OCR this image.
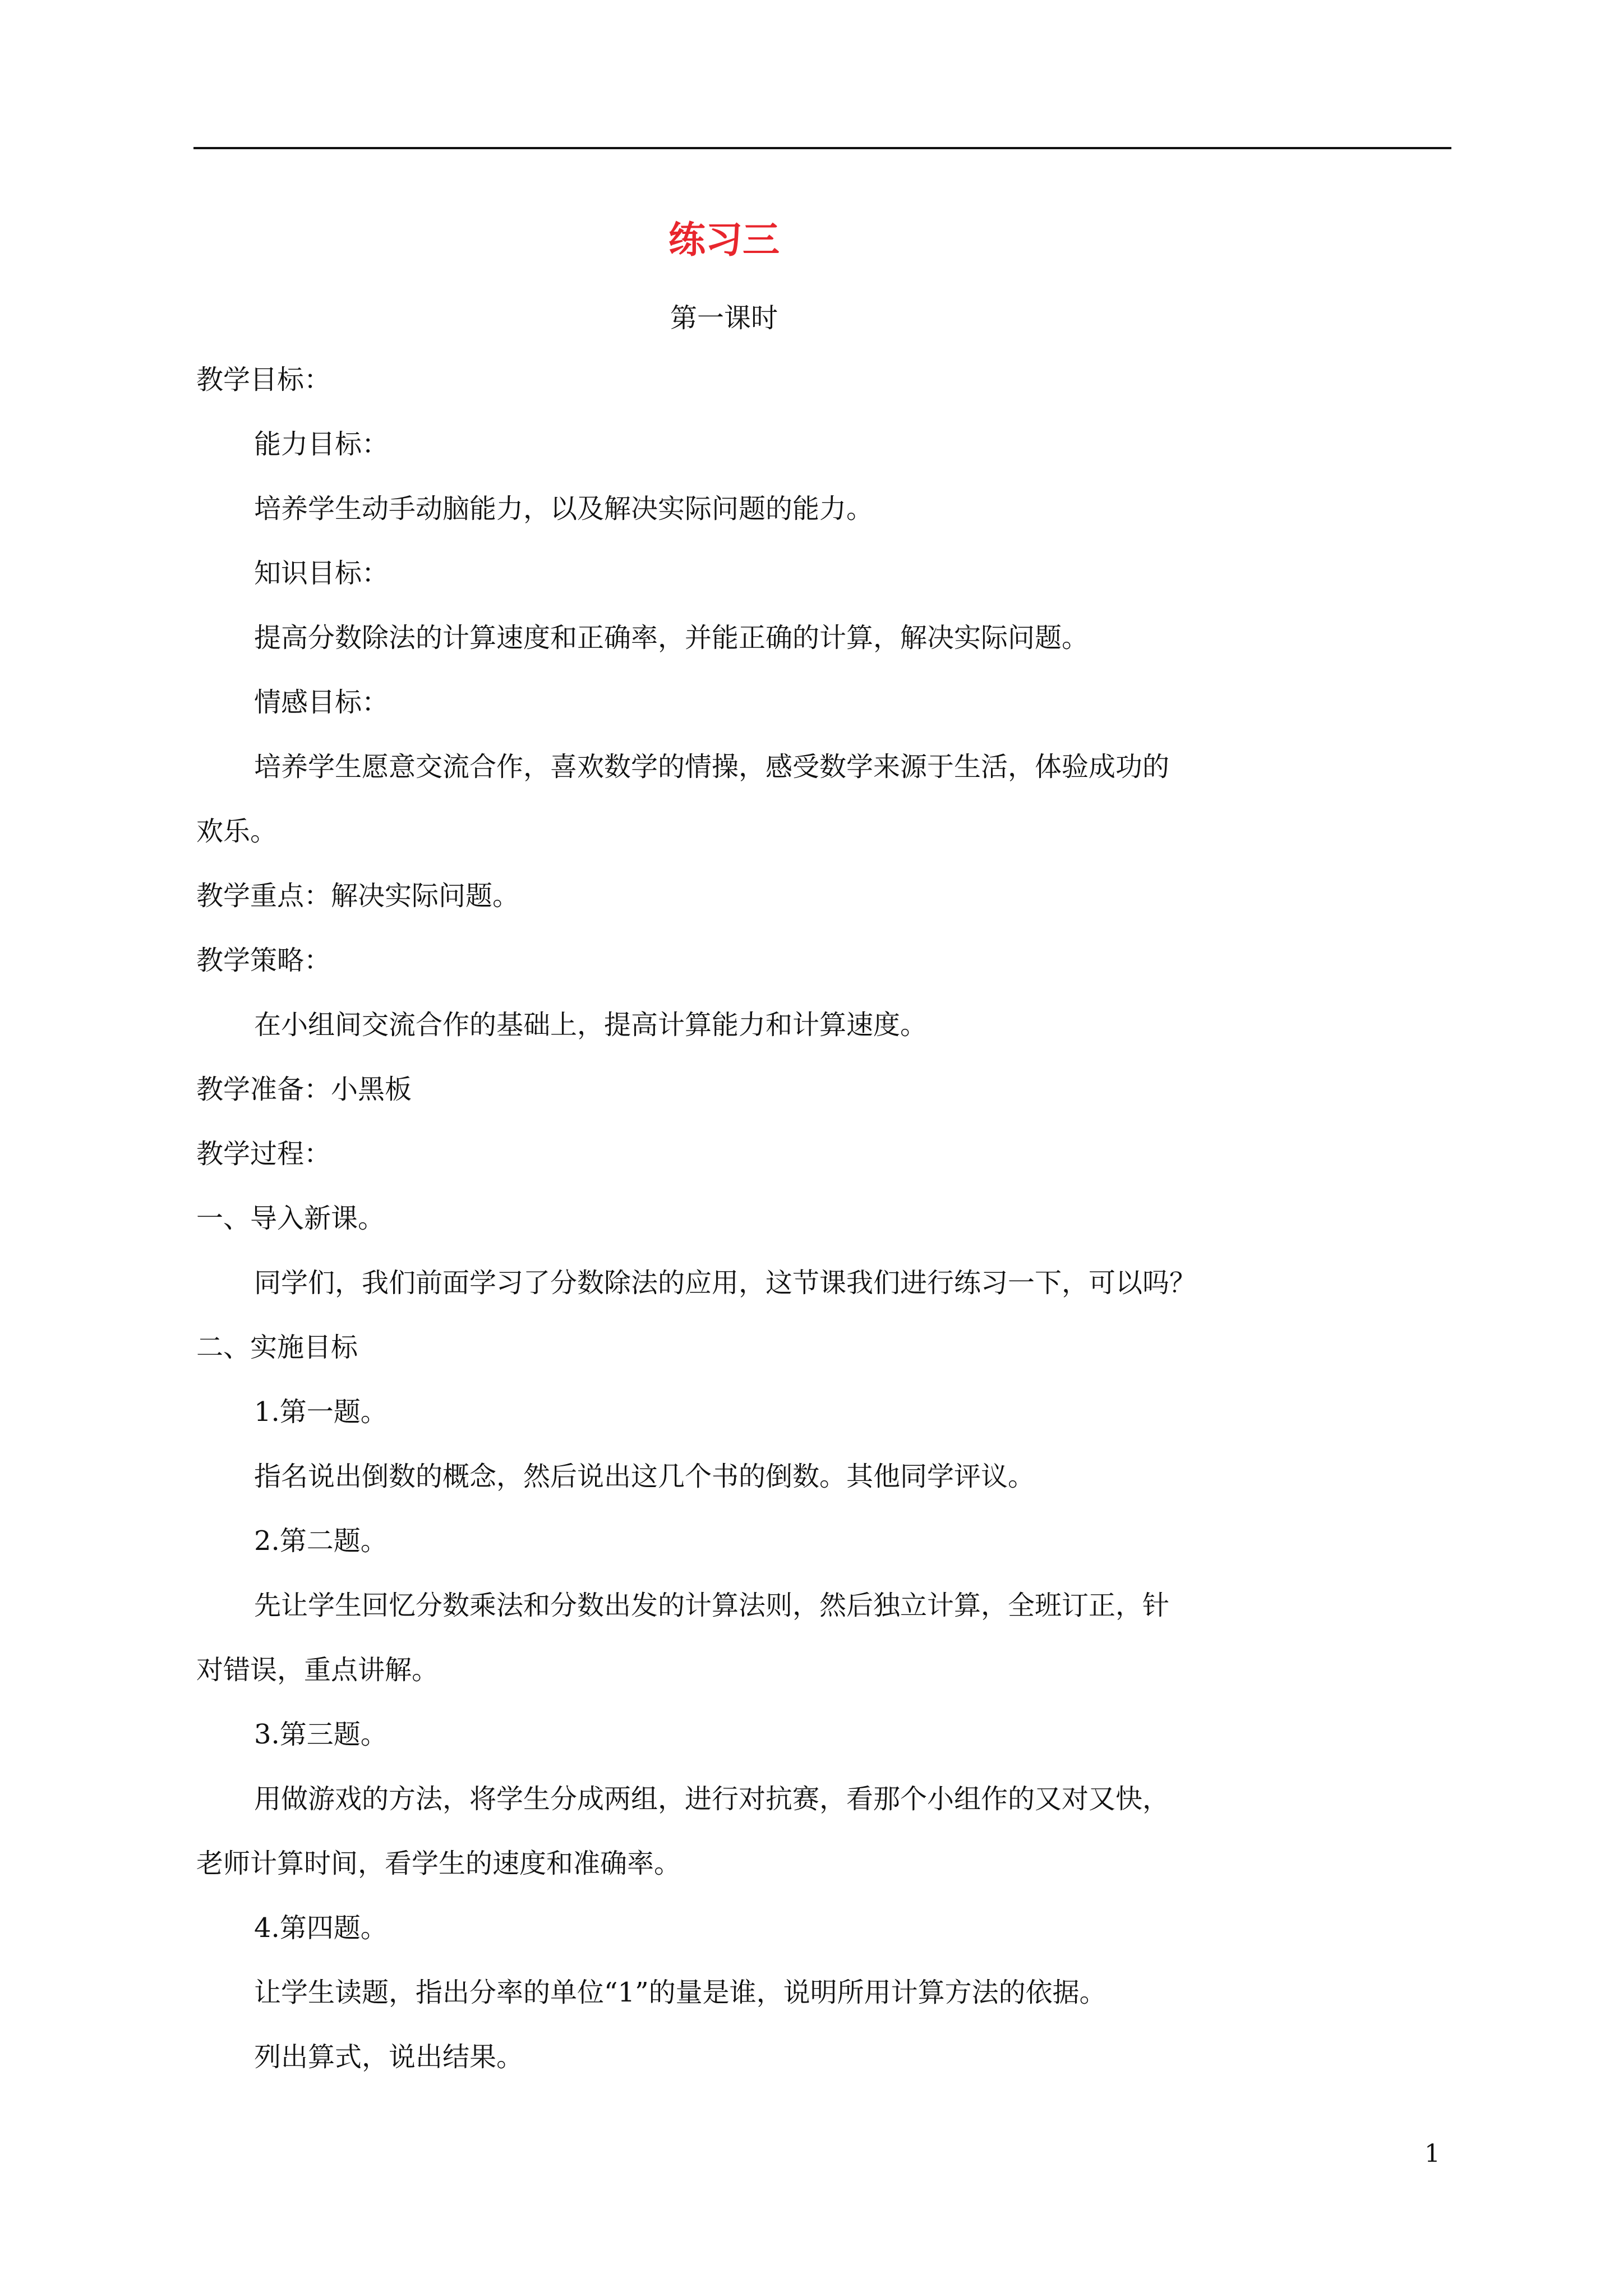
练习三
第一课时
教学目标：
能力目标：
培养学生动手动脑能力，以及解决实际问题的能力。
知识目标：
提高分数除法的计算速度和正确率，并能正确的计算，解决实际问题。
情感目标：
培养学生愿意交流合作，喜欢数学的情操，感受数学来源于生活，体验成功的
欢乐。
教学重点：解决实际问题。
教学策略：
在小组间交流合作的基础上，提高计算能力和计算速度。
教学准备：小黑板
教学过程：
一、导入新课。
同学们，我们前面学习了分数除法的应用，这节课我们进行练习一下，可以吗？
二、实施目标
1.第一题。
指名说出倒数的概念，然后说出这几个书的倒数。其他同学评议。
2.第二题。
先让学生回忆分数乘法和分数出发的计算法则，然后独立计算，全班订正，针
对错误，重点讲解。
3.第三题。
用做游戏的方法，将学生分成两组，进行对抗赛，看那个小组作的又对又快，
老师计算时间，看学生的速度和准确率。
4.第四题。
让学生读题，指出分率的单位“1”的量是谁，说明所用计算方法的依据。
列出算式，说出结果。
1
